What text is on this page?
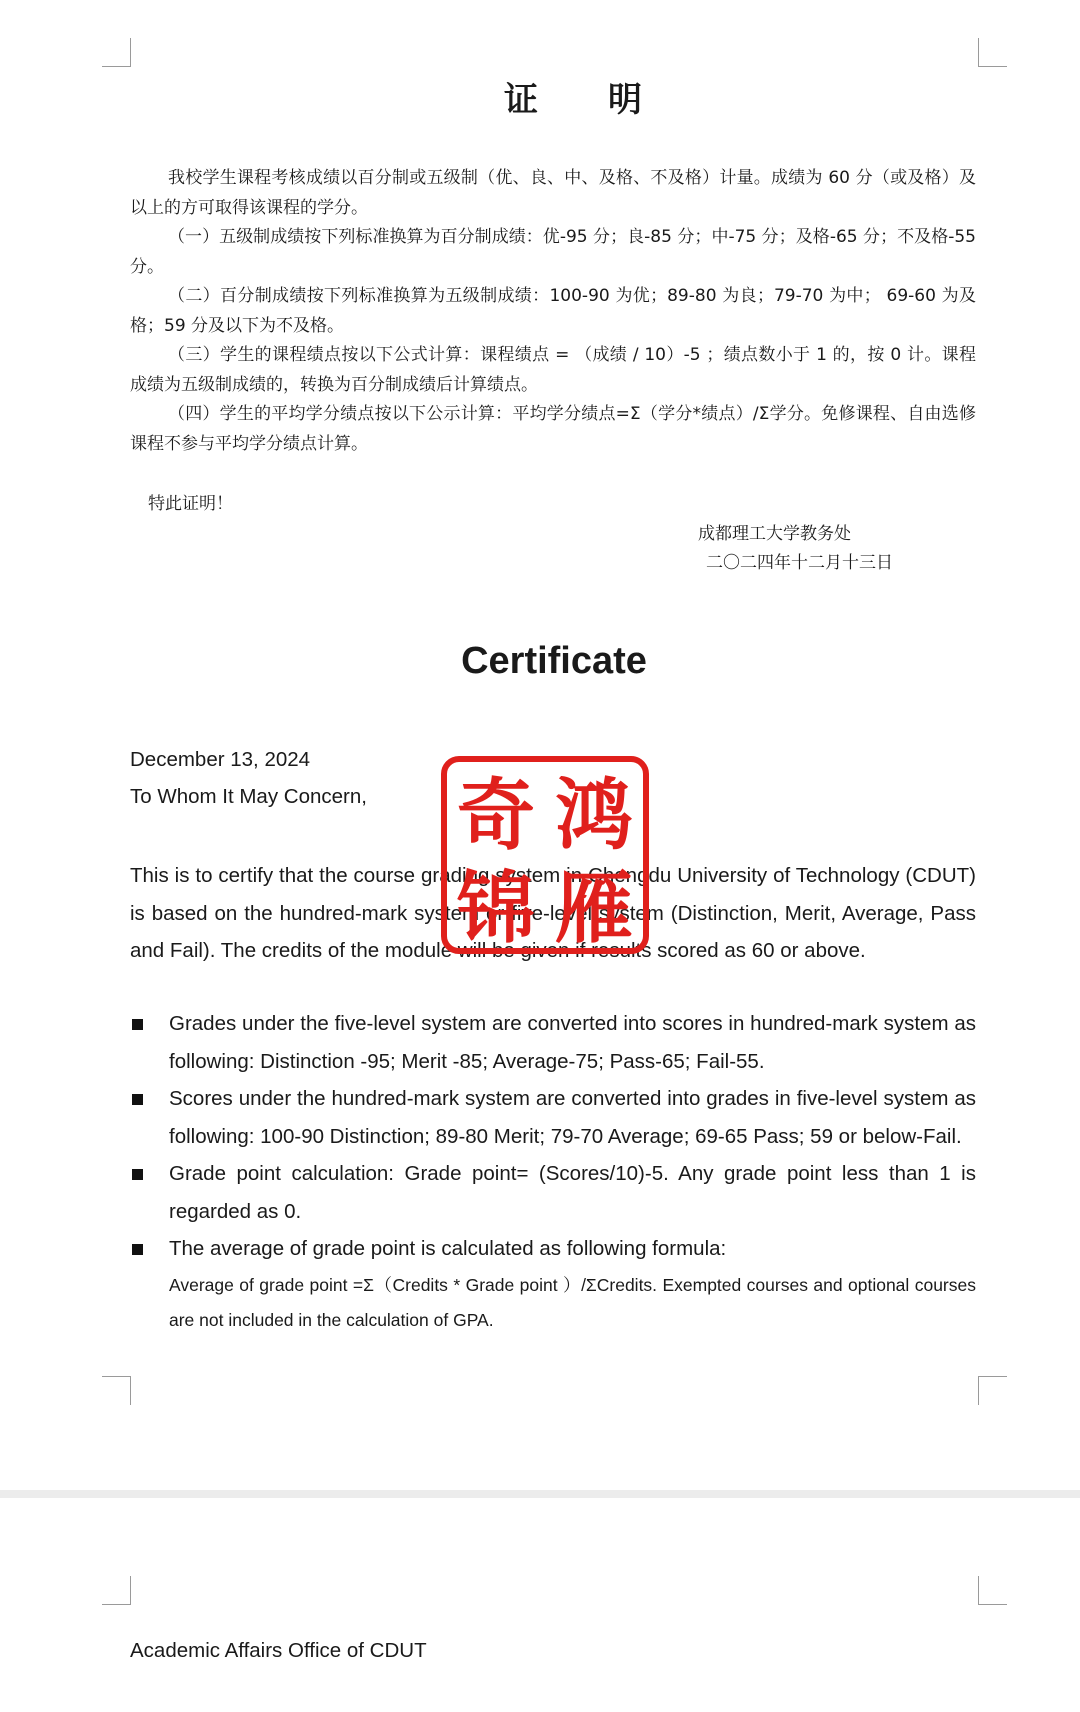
证明

我校学生课程考核成绩以百分制或五级制（优、良、中、及格、不及格）计量。成绩为 60 分（或及格）及以上的方可取得该课程的学分。

（一）五级制成绩按下列标准换算为百分制成绩：优-95 分；良-85 分；中-75 分；及格-65 分；不及格-55 分。

（二）百分制成绩按下列标准换算为五级制成绩：100-90 为优；89-80 为良；79-70 为中； 69-60 为及格；59 分及以下为不及格。

（三）学生的课程绩点按以下公式计算：课程绩点 = （成绩 / 10）-5 ；绩点数小于 1 的，按 0 计。课程成绩为五级制成绩的，转换为百分制成绩后计算绩点。

（四）学生的平均学分绩点按以下公示计算：平均学分绩点=Σ（学分*绩点）/Σ学分。免修课程、自由选修课程不参与平均学分绩点计算。

特此证明！
成都理工大学教务处
二〇二四年十二月十三日
Certificate
December 13, 2024
To Whom It May Concern,
This is to certify that the course grading system in Chengdu University of Technology (CDUT) is based on the hundred-mark system or five-level system (Distinction, Merit, Average, Pass and Fail). The credits of the module will be given if results scored as 60 or above.
Grades under the five-level system are converted into scores in hundred-mark system as following: Distinction -95; Merit -85; Average-75; Pass-65; Fail-55.
Scores under the hundred-mark system are converted into grades in five-level system as following: 100-90 Distinction; 89-80 Merit; 79-70 Average; 69-65 Pass; 59 or below-Fail.
Grade point calculation: Grade point= (Scores/10)-5. Any grade point less than 1 is regarded as 0.
The average of grade point is calculated as following formula:
Average of grade point =Σ（Credits * Grade point ）/ΣCredits. Exempted courses and optional courses are not included in the calculation of GPA.
奇 鸿
锦 雁
Academic Affairs Office of CDUT
